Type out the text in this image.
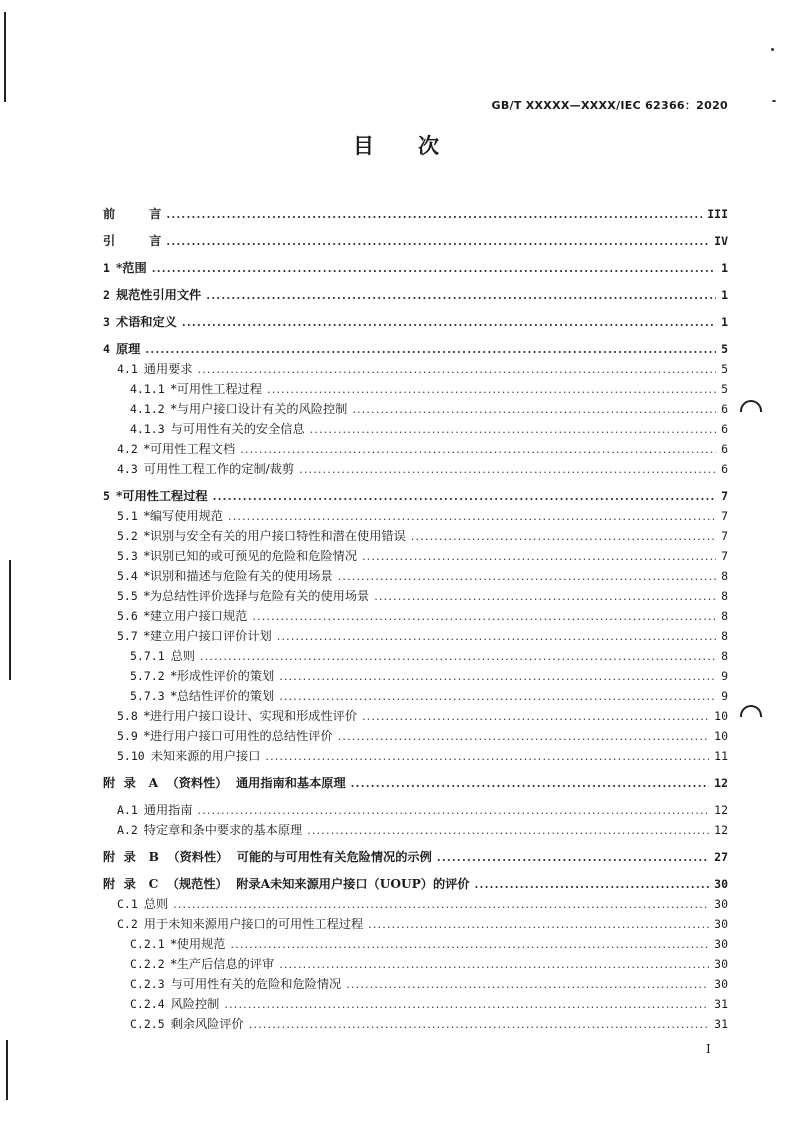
GB/T XXXXX—XXXX/IEC 62366：2020
目 次
前        言 .....	III
引        言 .....	IV
1 *范围 .....	1
2 规范性引用文件 .....	1
3 术语和定义 .....	1
4 原理 .....	5
4.1 通用要求 .....	5
4.1.1 *可用性工程过程 .....	5
4.1.2 *与用户接口设计有关的风险控制 .....	6
4.1.3 与可用性有关的安全信息 .....	6
4.2 *可用性工程文档 .....	6
4.3 可用性工程工作的定制/裁剪 .....	6
5 *可用性工程过程 .....	7
5.1 *编写使用规范 .....	7
5.2 *识别与安全有关的用户接口特性和潜在使用错误 .....	7
5.3 *识别已知的或可预见的危险和危险情况 .....	7
5.4 *识别和描述与危险有关的使用场景 .....	8
5.5 *为总结性评价选择与危险有关的使用场景 .....	8
5.6 *建立用户接口规范 .....	8
5.7 *建立用户接口评价计划 .....	8
5.7.1 总则 .....	8
5.7.2 *形成性评价的策划 .....	9
5.7.3 *总结性评价的策划 .....	9
5.8 *进行用户接口设计、实现和形成性评价 .....	10
5.9 *进行用户接口可用性的总结性评价 .....	10
5.10 未知来源的用户接口 .....	11
附  录   A  （资料性）  通用指南和基本原理 .....	12
A.1 通用指南 .....	12
A.2 特定章和条中要求的基本原理 .....	12
附  录   B  （资料性）  可能的与可用性有关危险情况的示例 .....	27
附  录   C  （规范性）  附录A未知来源用户接口（UOUP）的评价 .....	30
C.1 总则 .....	30
C.2 用于未知来源用户接口的可用性工程过程 .....	30
C.2.1 *使用规范 .....	30
C.2.2 *生产后信息的评审 .....	30
C.2.3 与可用性有关的危险和危险情况 .....	30
C.2.4 风险控制 .....	31
C.2.5 剩余风险评价 .....	31
I
